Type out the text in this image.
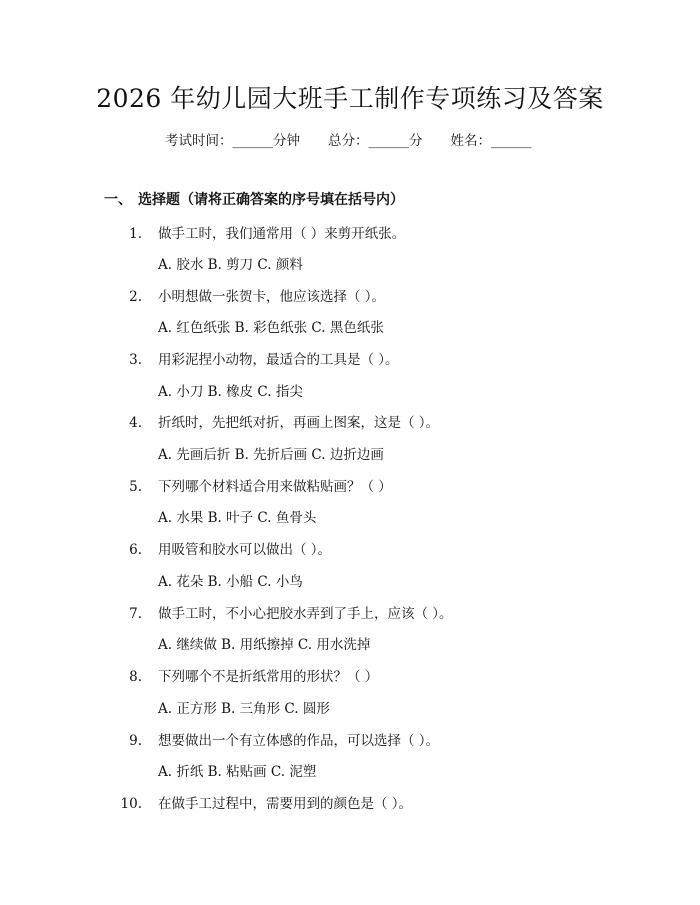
2026 年幼儿园大班手工制作专项练习及答案
考试时间：______分钟 总分：______分 姓名：______
一、 选择题（请将正确答案的序号填在括号内）
1. 做手工时，我们通常用（ ）来剪开纸张。
A. 胶水 B. 剪刀 C. 颜料
2. 小明想做一张贺卡，他应该选择（ ）。
A. 红色纸张 B. 彩色纸张 C. 黑色纸张
3. 用彩泥捏小动物，最适合的工具是（ ）。
A. 小刀 B. 橡皮 C. 指尖
4. 折纸时，先把纸对折，再画上图案，这是（ ）。
A. 先画后折 B. 先折后画 C. 边折边画
5. 下列哪个材料适合用来做粘贴画？（ ）
A. 水果 B. 叶子 C. 鱼骨头
6. 用吸管和胶水可以做出（ ）。
A. 花朵 B. 小船 C. 小鸟
7. 做手工时，不小心把胶水弄到了手上，应该（ ）。
A. 继续做 B. 用纸擦掉 C. 用水洗掉
8. 下列哪个不是折纸常用的形状？（ ）
A. 正方形 B. 三角形 C. 圆形
9. 想要做出一个有立体感的作品，可以选择（ ）。
A. 折纸 B. 粘贴画 C. 泥塑
10. 在做手工过程中，需要用到的颜色是（ ）。
